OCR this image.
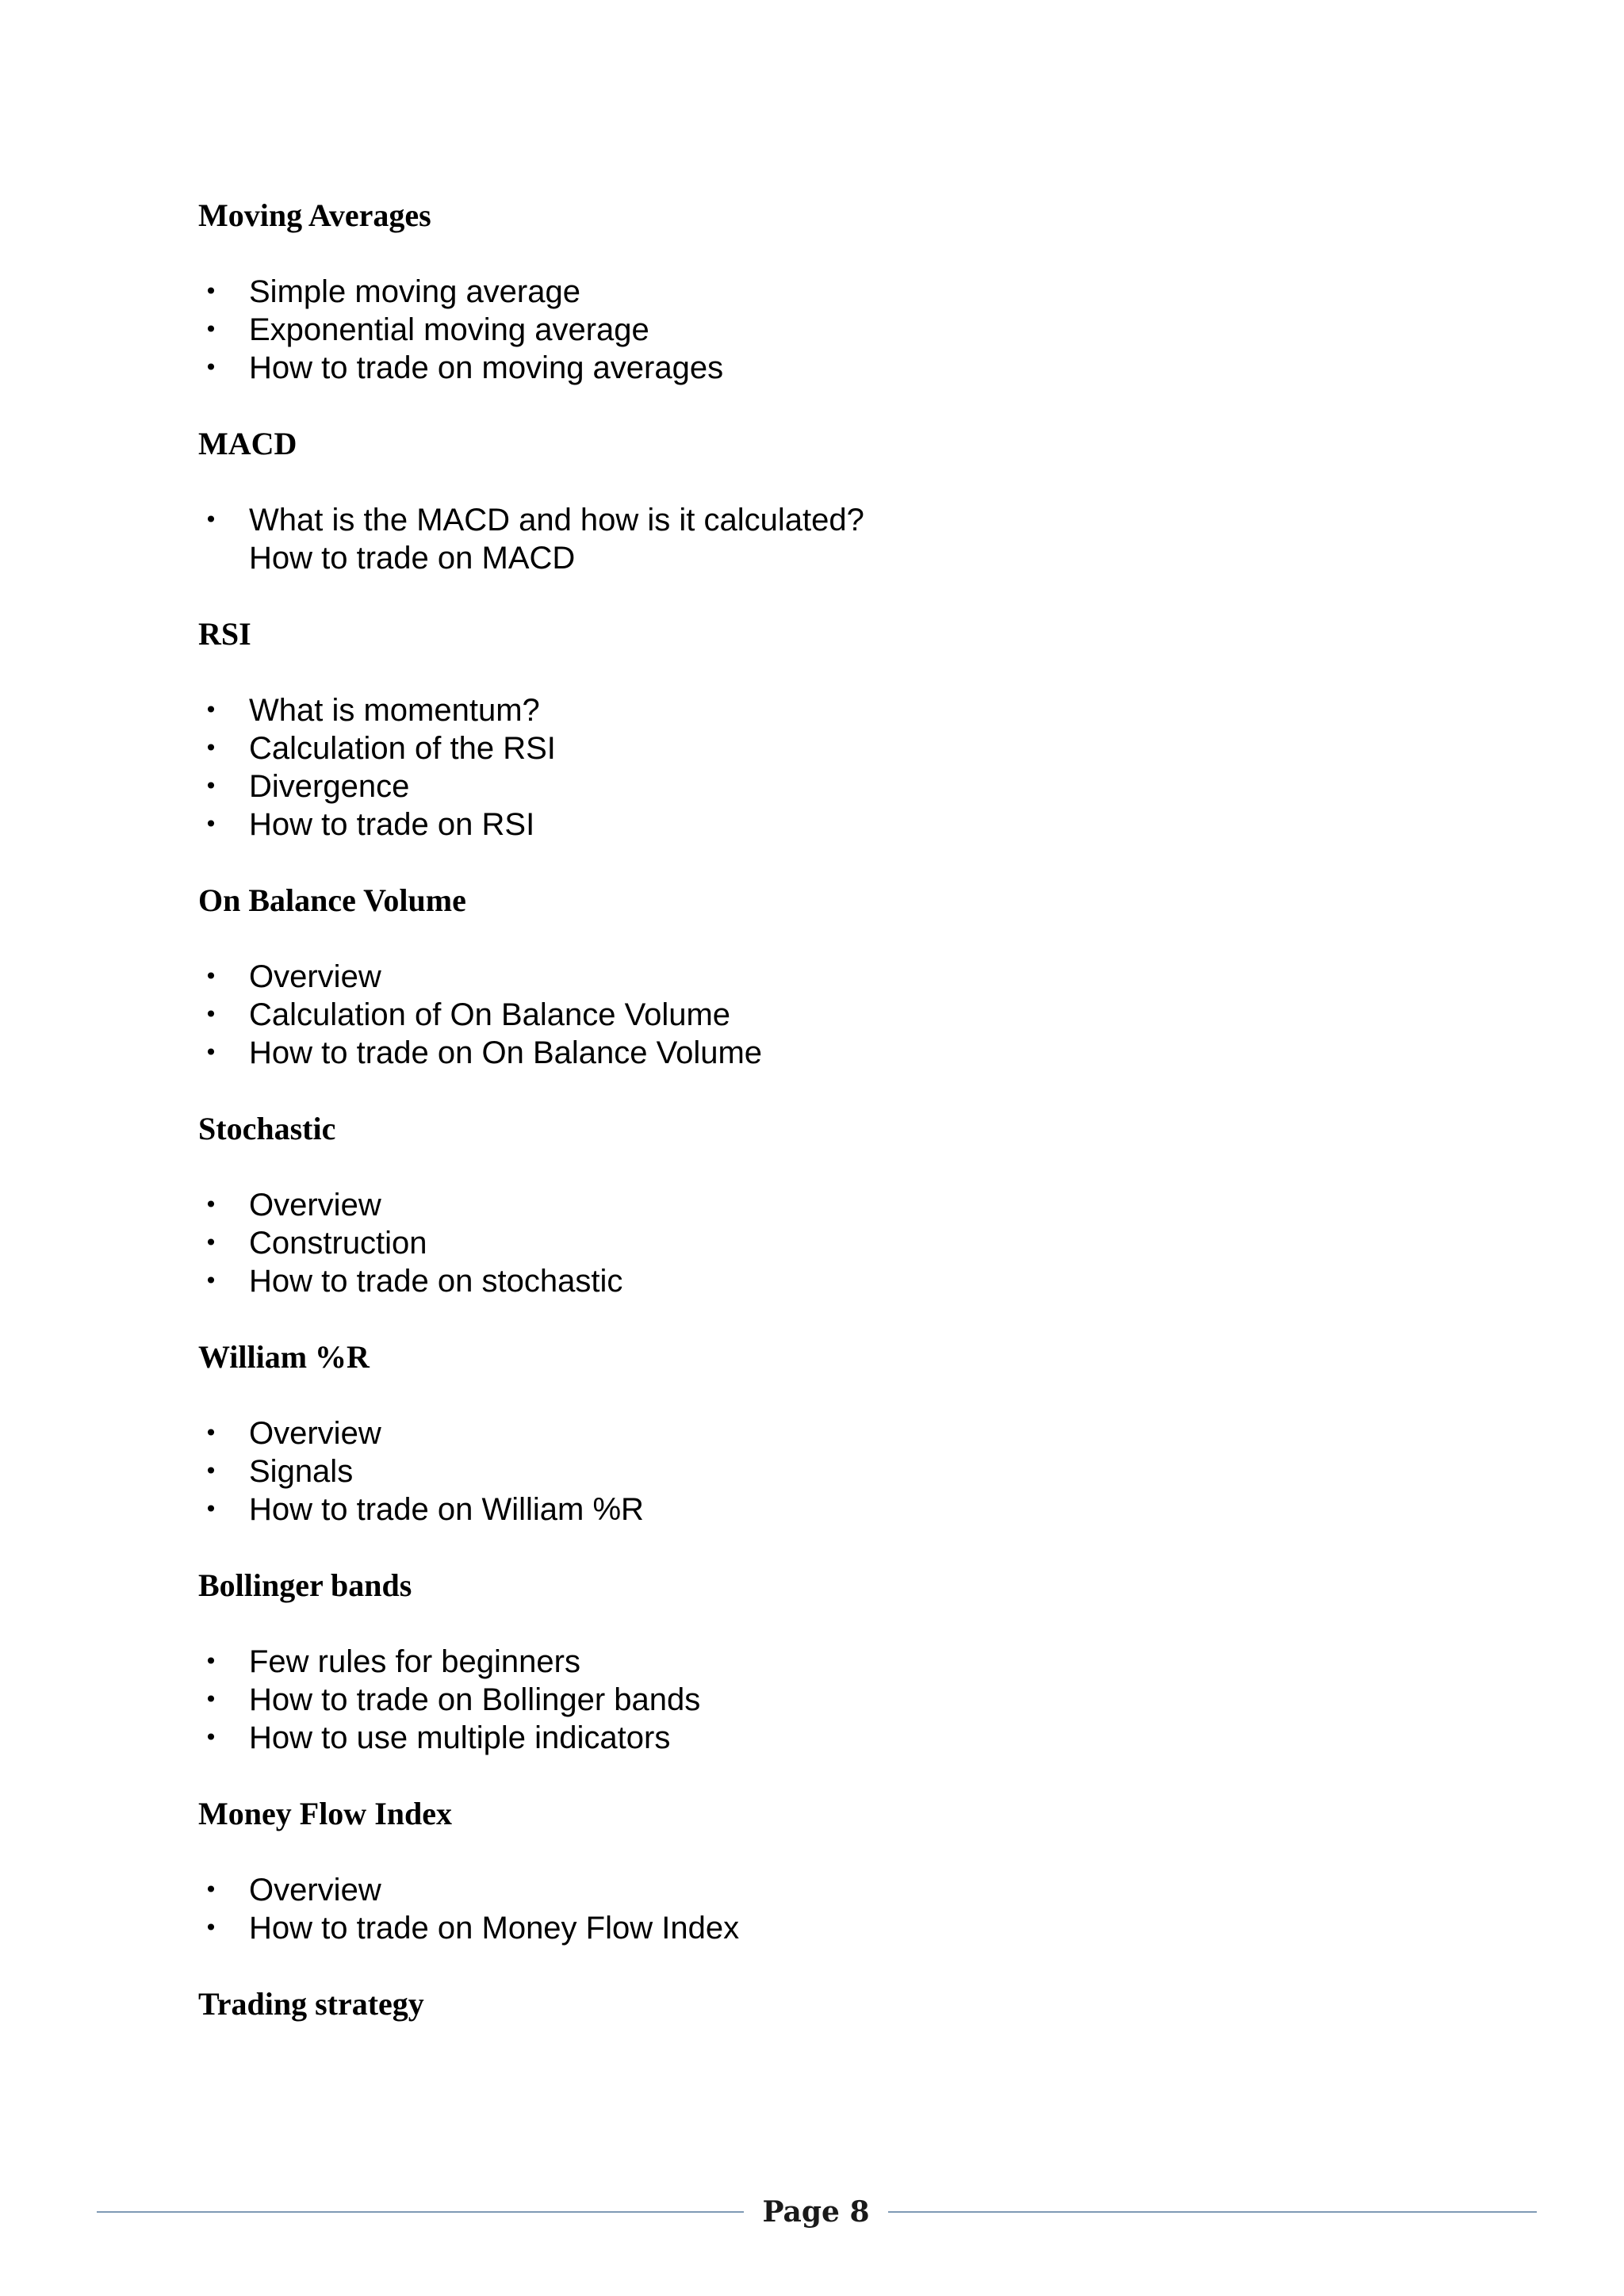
Moving Averages
• Simple moving average
• Exponential moving average
• How to trade on moving averages
MACD
• What is the MACD and how is it calculated?
How to trade on MACD
RSI
• What is momentum?
• Calculation of the RSI
• Divergence
• How to trade on RSI
On Balance Volume
• Overview
• Calculation of On Balance Volume
• How to trade on On Balance Volume
Stochastic
• Overview
• Construction
• How to trade on stochastic
William %R
• Overview
• Signals
• How to trade on William %R
Bollinger bands
• Few rules for beginners
• How to trade on Bollinger bands
• How to use multiple indicators
Money Flow Index
• Overview
• How to trade on Money Flow Index
Trading strategy
Page 8
